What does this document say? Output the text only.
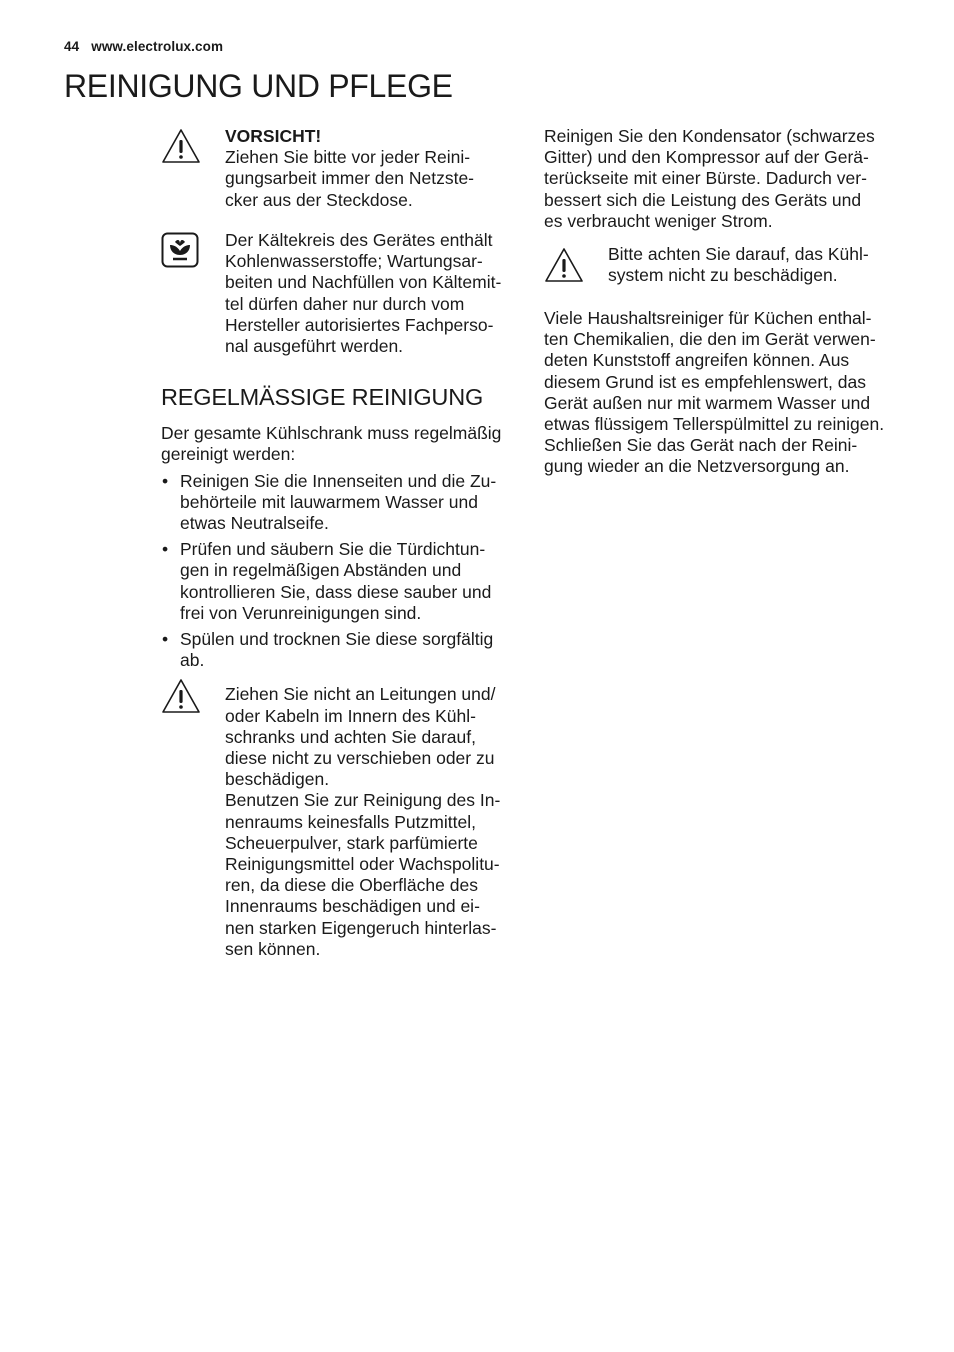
44 www.electrolux.com
REINIGUNG UND PFLEGE

VORSICHT!

Ziehen Sie bitte vor jeder Reini-

gungsarbeit immer den Netzste-

cker aus der Steckdose.

Der Kältekreis des Gerätes enthält

Kohlenwasserstoffe; Wartungsar-

beiten und Nachfüllen von Kältemit-

tel dürfen daher nur durch vom

Hersteller autorisiertes Fachperso-

nal ausgeführt werden.

REGELMÄSSIGE REINIGUNG

Der gesamte Kühlschrank muss regelmäßig

gereinigt werden:

• Reinigen Sie die Innenseiten und die Zu-

behörteile mit lauwarmem Wasser und

etwas Neutralseife.

• Prüfen und säubern Sie die Türdichtun-

gen in regelmäßigen Abständen und

kontrollieren Sie, dass diese sauber und

frei von Verunreinigungen sind.

• Spülen und trocknen Sie diese sorgfältig

ab.

Ziehen Sie nicht an Leitungen und/

oder Kabeln im Innern des Kühl-

schranks und achten Sie darauf,

diese nicht zu verschieben oder zu

beschädigen.

Benutzen Sie zur Reinigung des In-

nenraums keinesfalls Putzmittel,

Scheuerpulver, stark parfümierte

Reinigungsmittel oder Wachspolitu-

ren, da diese die Oberfläche des

Innenraums beschädigen und ei-

nen starken Eigengeruch hinterlas-

sen können.

Reinigen Sie den Kondensator (schwarzes

Gitter) und den Kompressor auf der Gerä-

terückseite mit einer Bürste. Dadurch ver-

bessert sich die Leistung des Geräts und

es verbraucht weniger Strom.

Bitte achten Sie darauf, das Kühl-

system nicht zu beschädigen.

Viele Haushaltsreiniger für Küchen enthal-

ten Chemikalien, die den im Gerät verwen-

deten Kunststoff angreifen können. Aus

diesem Grund ist es empfehlenswert, das

Gerät außen nur mit warmem Wasser und

etwas flüssigem Tellerspülmittel zu reinigen.

Schließen Sie das Gerät nach der Reini-

gung wieder an die Netzversorgung an.
